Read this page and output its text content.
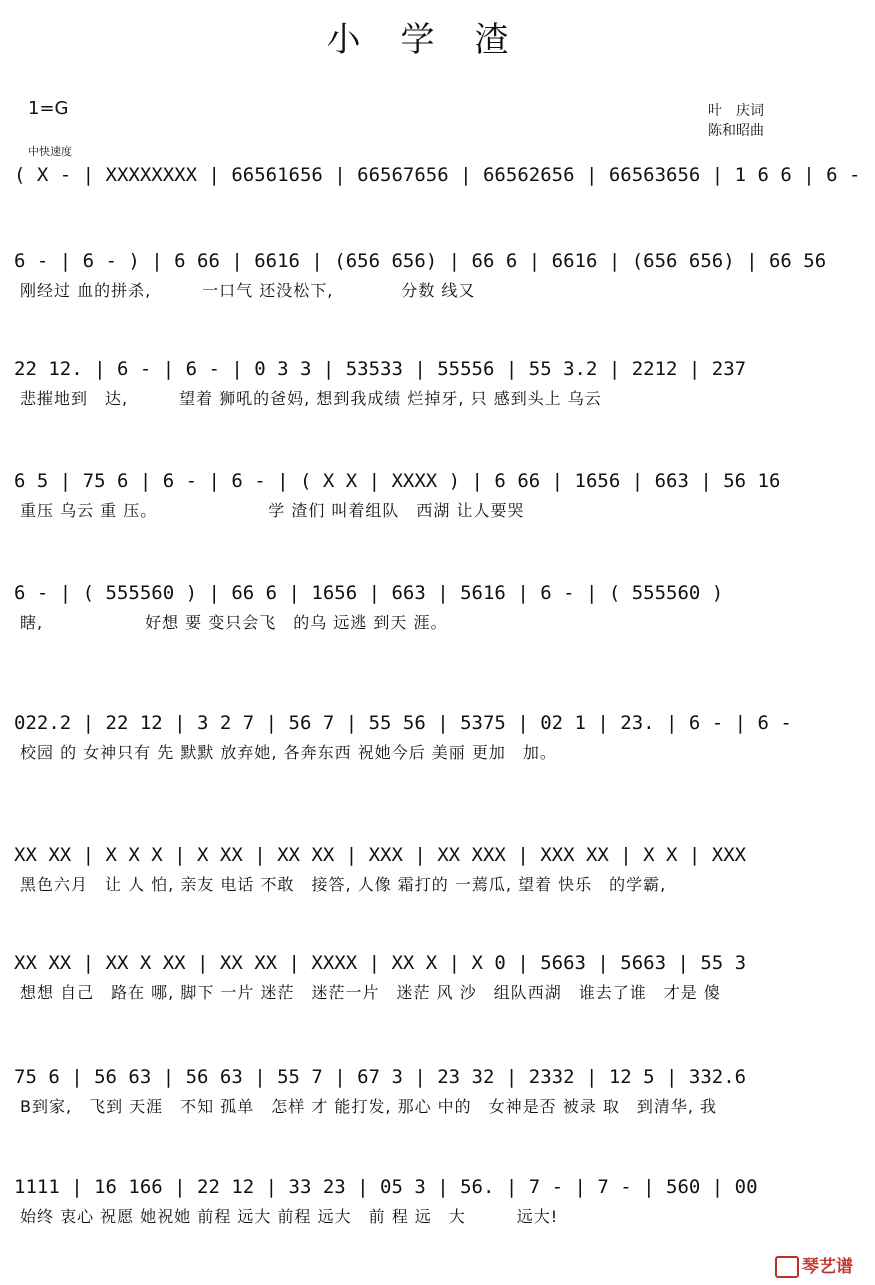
小学渣
1=G	叶　庆词
陈和昭曲
中快速度
( X - | XXXXXXXX | 66561656 | 66567656 | 66562656 | 66563656 | 1 6 6 | 6 -
6 - | 6 - ) | 6 66 | 6616 | (656 656) | 66 6 | 6616 | (656 656) | 66 56
刚经过 血的拼杀,　　　一口气 还没松下,　　　　分数 线又
22 12. | 6 - | 6 - | 0 3 3 | 53533 | 55556 | 55 3.2 | 2212 | 237
悲摧地到　达,　　　望着 狮吼的爸妈, 想到我成绩 烂掉牙, 只 感到头上 乌云
6 5 | 75 6 | 6 - | 6 - | ( X X | XXXX ) | 6 66 | 1656 | 663 | 56 16
重压 乌云 重 压。　　　　　　　学 渣们 叫着组队　西湖 让人要哭
6 - | ( 555560 ) | 66 6 | 1656 | 663 | 5616 | 6 - | ( 555560 )
瞎,　　　　　　好想 要 变只会飞　的乌 远逃 到天 涯。
022.2 | 22 12 | 3 2 7 | 56 7 | 55 56 | 5375 | 02 1 | 23. | 6 - | 6 -
校园 的 女神只有 先 默默 放弃她, 各奔东西 祝她今后 美丽 更加　加。
XX XX | X X X | X XX | XX XX | XXX | XX XXX | XXX XX | X X | XXX
黑色六月　让 人 怕, 亲友 电话 不敢　接答, 人像 霜打的 一蔫瓜, 望着 快乐　的学霸,
XX XX | XX X XX | XX XX | XXXX | XX X | X 0 | 5663 | 5663 | 55 3
想想 自己　路在 哪, 脚下 一片 迷茫　迷茫一片　迷茫 风 沙　组队西湖　谁去了谁　才是 傻
75 6 | 56 63 | 56 63 | 55 7 | 67 3 | 23 32 | 2332 | 12 5 | 332.6
B到家,　飞到 天涯　不知 孤单　怎样 才 能打发, 那心 中的　女神是否 被录 取　到清华, 我
1111 | 16 166 | 22 12 | 33 23 | 05 3 | 56. | 7 - | 7 - | 560 | 00
始终 衷心 祝愿 她祝她 前程 远大 前程 远大　前 程 远　大　　　远大!
琴艺谱
